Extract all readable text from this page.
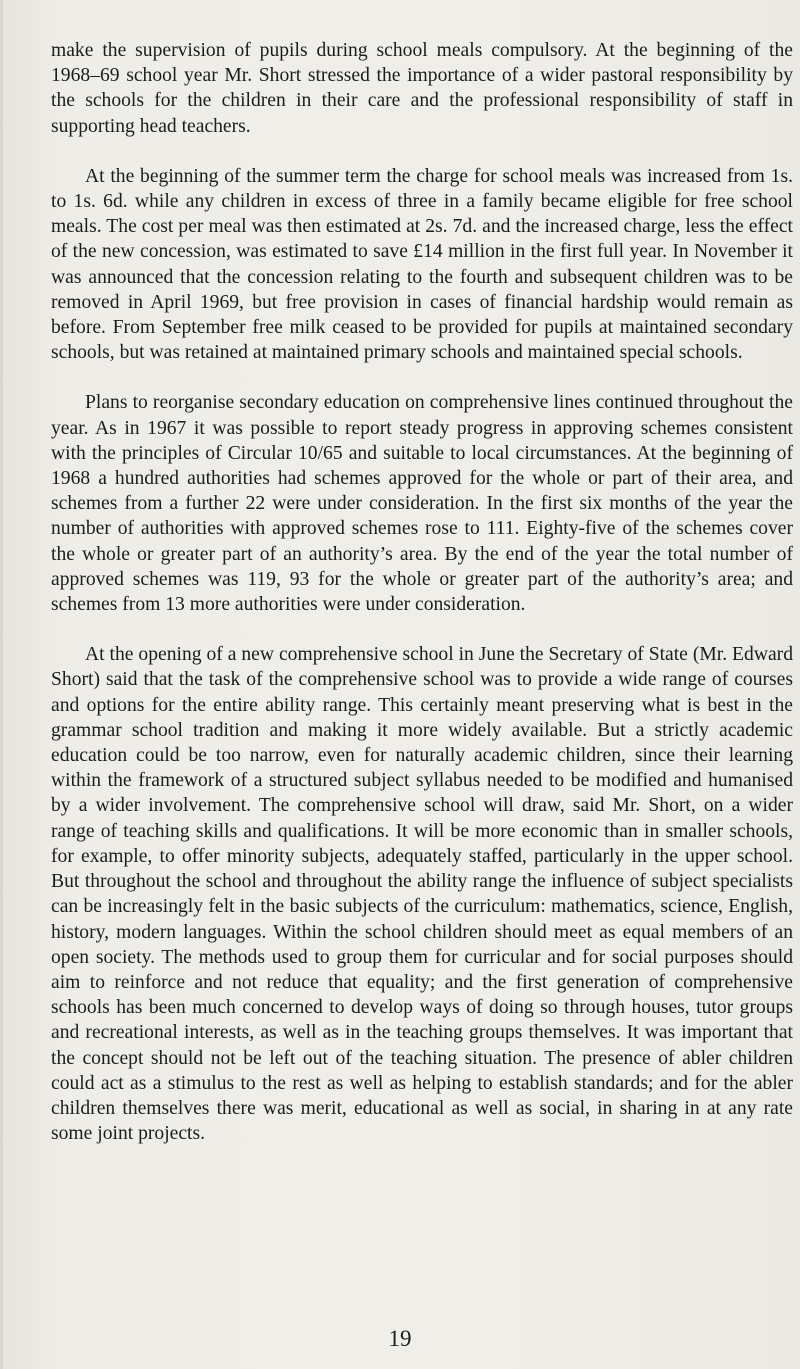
make the supervision of pupils during school meals compulsory. At the beginning of the 1968–69 school year Mr. Short stressed the importance of a wider pastoral responsibility by the schools for the children in their care and the professional responsibility of staff in supporting head teachers.

At the beginning of the summer term the charge for school meals was increased from 1s. to 1s. 6d. while any children in excess of three in a family became eligible for free school meals. The cost per meal was then estimated at 2s. 7d. and the increased charge, less the effect of the new concession, was estimated to save £14 million in the first full year. In November it was announced that the concession relating to the fourth and subsequent children was to be removed in April 1969, but free provision in cases of financial hardship would remain as before. From September free milk ceased to be provided for pupils at maintained secondary schools, but was retained at maintained primary schools and maintained special schools.

Plans to reorganise secondary education on comprehensive lines continued throughout the year. As in 1967 it was possible to report steady progress in approving schemes consistent with the principles of Circular 10/65 and suitable to local circumstances. At the beginning of 1968 a hundred authorities had schemes approved for the whole or part of their area, and schemes from a further 22 were under consideration. In the first six months of the year the number of authorities with approved schemes rose to 111. Eighty-five of the schemes cover the whole or greater part of an authority’s area. By the end of the year the total number of approved schemes was 119, 93 for the whole or greater part of the authority’s area; and schemes from 13 more authorities were under consideration.

At the opening of a new comprehensive school in June the Secretary of State (Mr. Edward Short) said that the task of the comprehensive school was to provide a wide range of courses and options for the entire ability range. This certainly meant preserving what is best in the grammar school tradition and making it more widely available. But a strictly academic education could be too narrow, even for naturally academic children, since their learning within the framework of a structured subject syllabus needed to be modified and humanised by a wider involvement. The comprehensive school will draw, said Mr. Short, on a wider range of teaching skills and qualifications. It will be more economic than in smaller schools, for example, to offer minority subjects, adequately staffed, particularly in the upper school. But throughout the school and throughout the ability range the influence of subject specialists can be increasingly felt in the basic subjects of the curriculum: mathematics, science, English, history, modern languages. Within the school children should meet as equal members of an open society. The methods used to group them for curricular and for social purposes should aim to reinforce and not reduce that equality; and the first generation of comprehensive schools has been much concerned to develop ways of doing so through houses, tutor groups and recreational interests, as well as in the teaching groups themselves. It was important that the concept should not be left out of the teaching situation. The presence of abler children could act as a stimulus to the rest as well as helping to establish standards; and for the abler children themselves there was merit, educational as well as social, in sharing in at any rate some joint projects.

19
